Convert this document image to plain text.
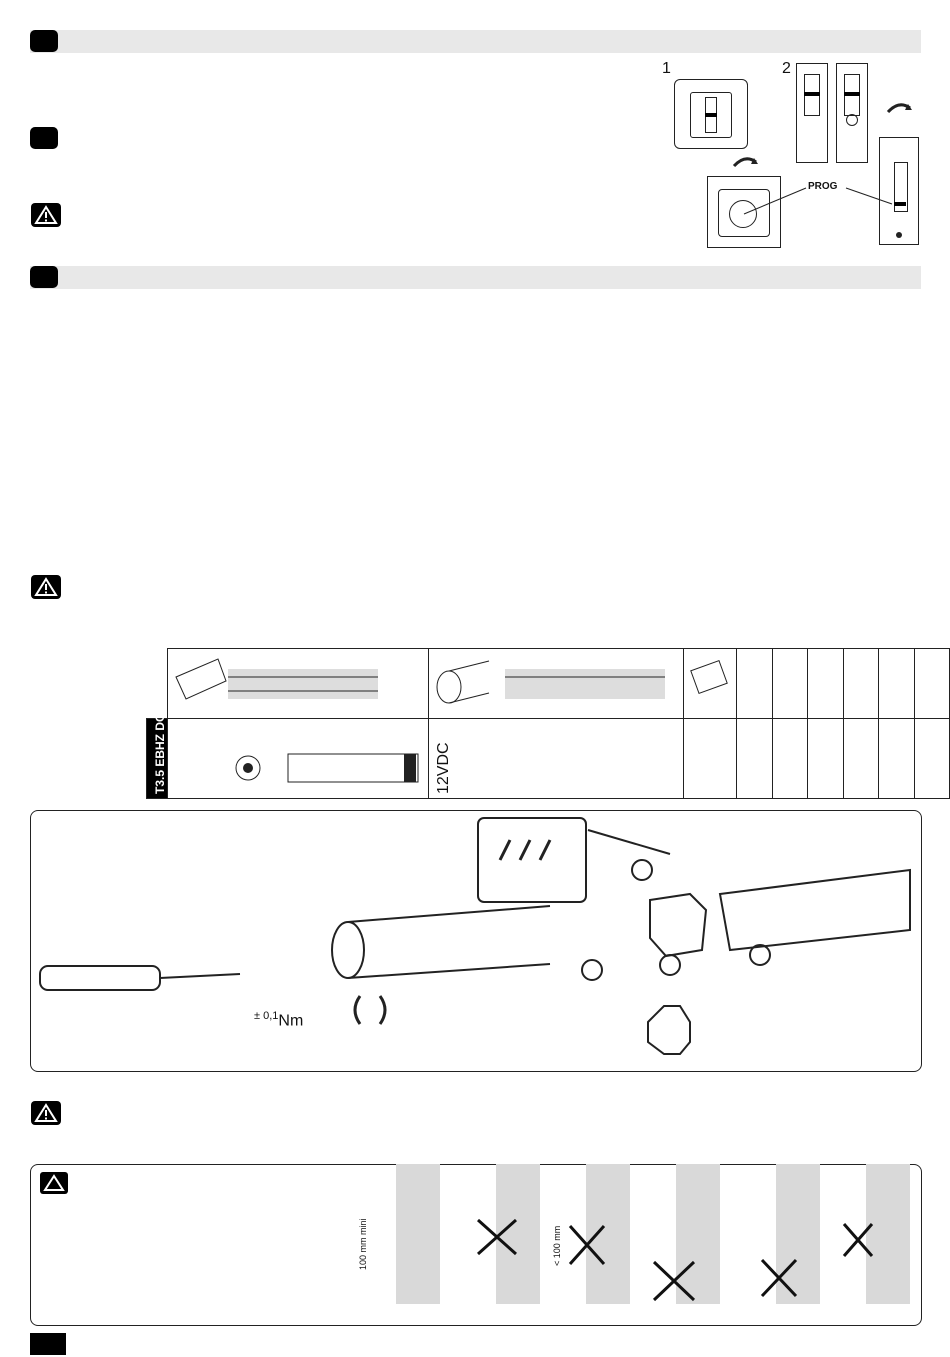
1	2
PROG

T3.5 EBHZ DC		12VDC							

$^{\pm 0,1}$Nm
100 mm mini	< 100 mm
